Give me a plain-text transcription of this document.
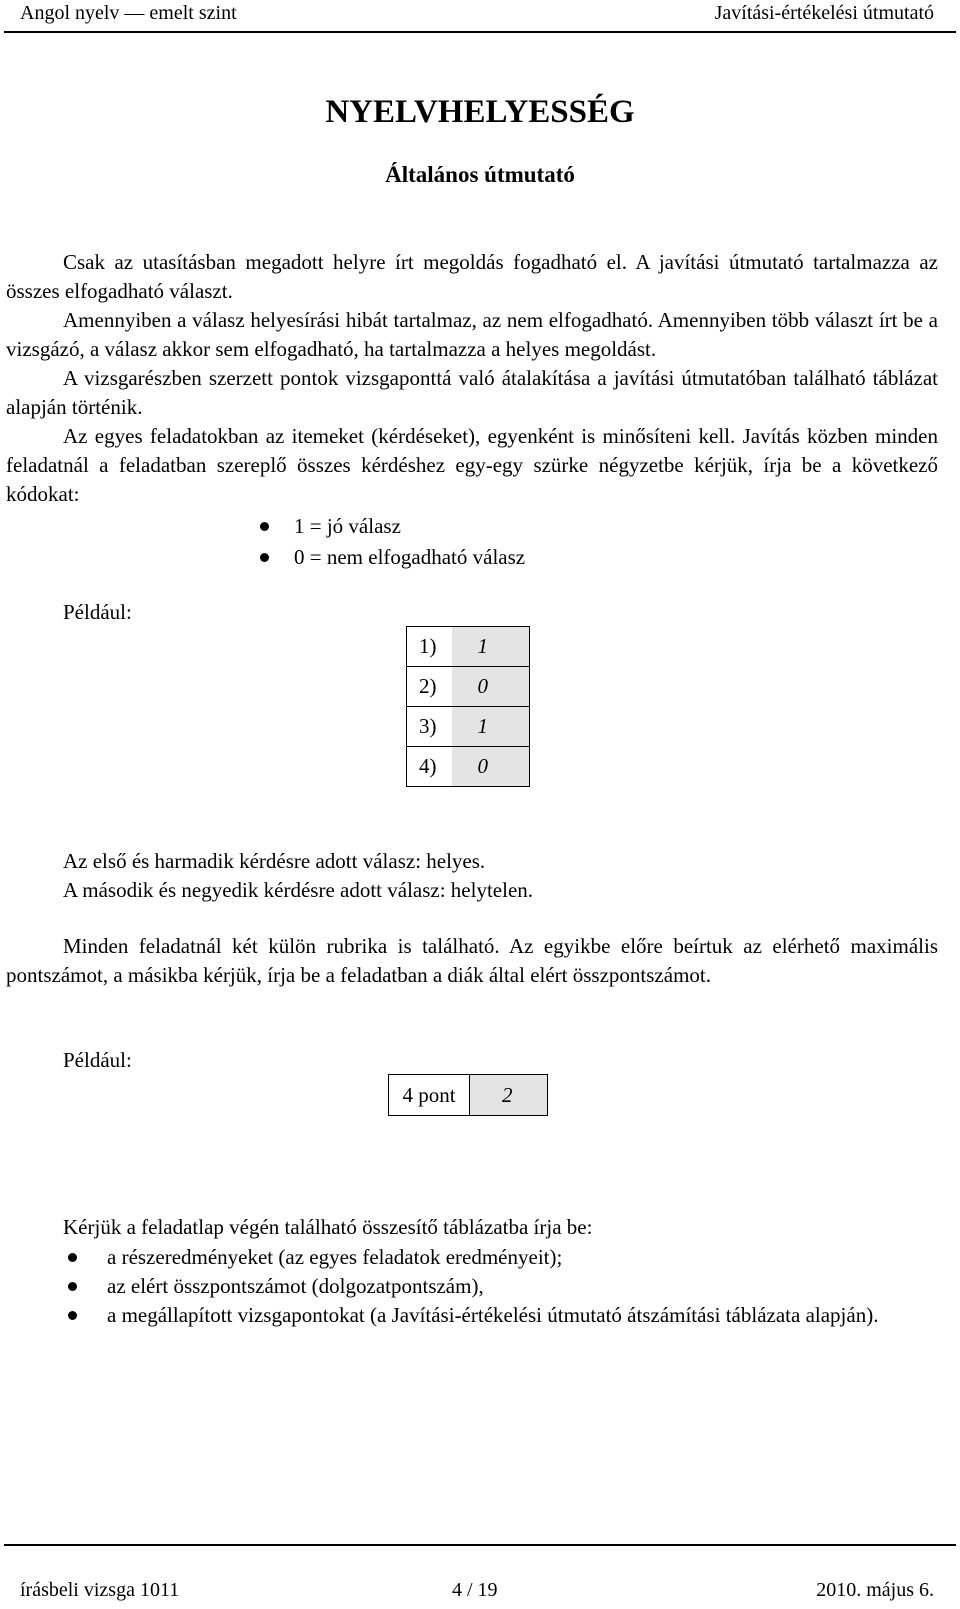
Angol nyelv — emelt szint	Javítási-értékelési útmutató
NYELVHELYESSÉG
Általános útmutató

Csak az utasításban megadott helyre írt megoldás fogadható el. A javítási útmutató tartalmazza az összes elfogadható választ.

Amennyiben a válasz helyesírási hibát tartalmaz, az nem elfogadható. Amennyiben több választ írt be a vizsgázó, a válasz akkor sem elfogadható, ha tartalmazza a helyes megoldást.

A vizsgarészben szerzett pontok vizsgaponttá való átalakítása a javítási útmutatóban található táblázat alapján történik.

Az egyes feladatokban az itemeket (kérdéseket), egyenként is minősíteni kell. Javítás közben minden feladatnál a feladatban szereplő összes kérdéshez egy-egy szürke négyzetbe kérjük, írja be a következő kódokat:

1 = jó válasz
0 = nem elfogadható válasz
Például:
1)	1
2)	0
3)	1
4)	0
Az első és harmadik kérdésre adott válasz: helyes.
A második és negyedik kérdésre adott válasz: helytelen.

Minden feladatnál két külön rubrika is található. Az egyikbe előre beírtuk az elérhető maximális pontszámot, a másikba kérjük, írja be a feladatban a diák által elért összpontszámot.

Például:
4 pont	2
Kérjük a feladatlap végén található összesítő táblázatba írja be:
a részeredményeket (az egyes feladatok eredményeit);
az elért összpontszámot (dolgozatpontszám),
a megállapított vizsgapontokat (a Javítási-értékelési útmutató átszámítási táblázata alapján).
írásbeli vizsga 1011	4 / 19	2010. május 6.
